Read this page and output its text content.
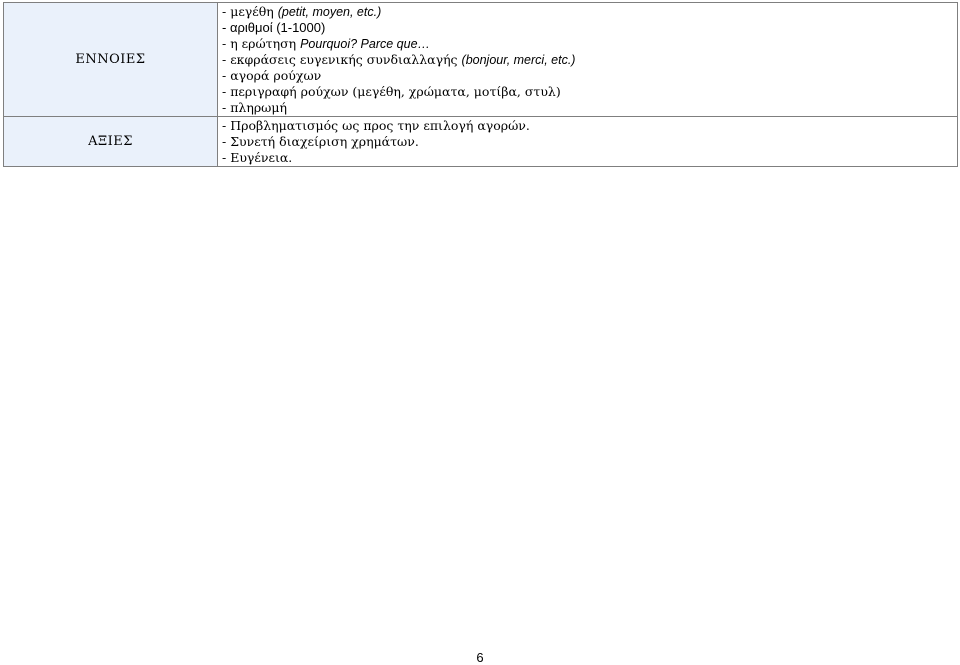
ΕΝΝΟΙΕΣ
- μεγέθη (petit, moyen, etc.)
- αριθμοί (1-1000)
- η ερώτηση Pourquoi? Parce que…
- εκφράσεις ευγενικής συνδιαλλαγής (bonjour, merci, etc.)
- αγορά ρούχων
- περιγραφή ρούχων (μεγέθη, χρώματα, μοτίβα, στυλ)
- πληρωμή
ΑΞΙΕΣ
- Προβληματισμός ως προς την επιλογή αγορών.
- Συνετή διαχείριση χρημάτων.
- Ευγένεια.
6
